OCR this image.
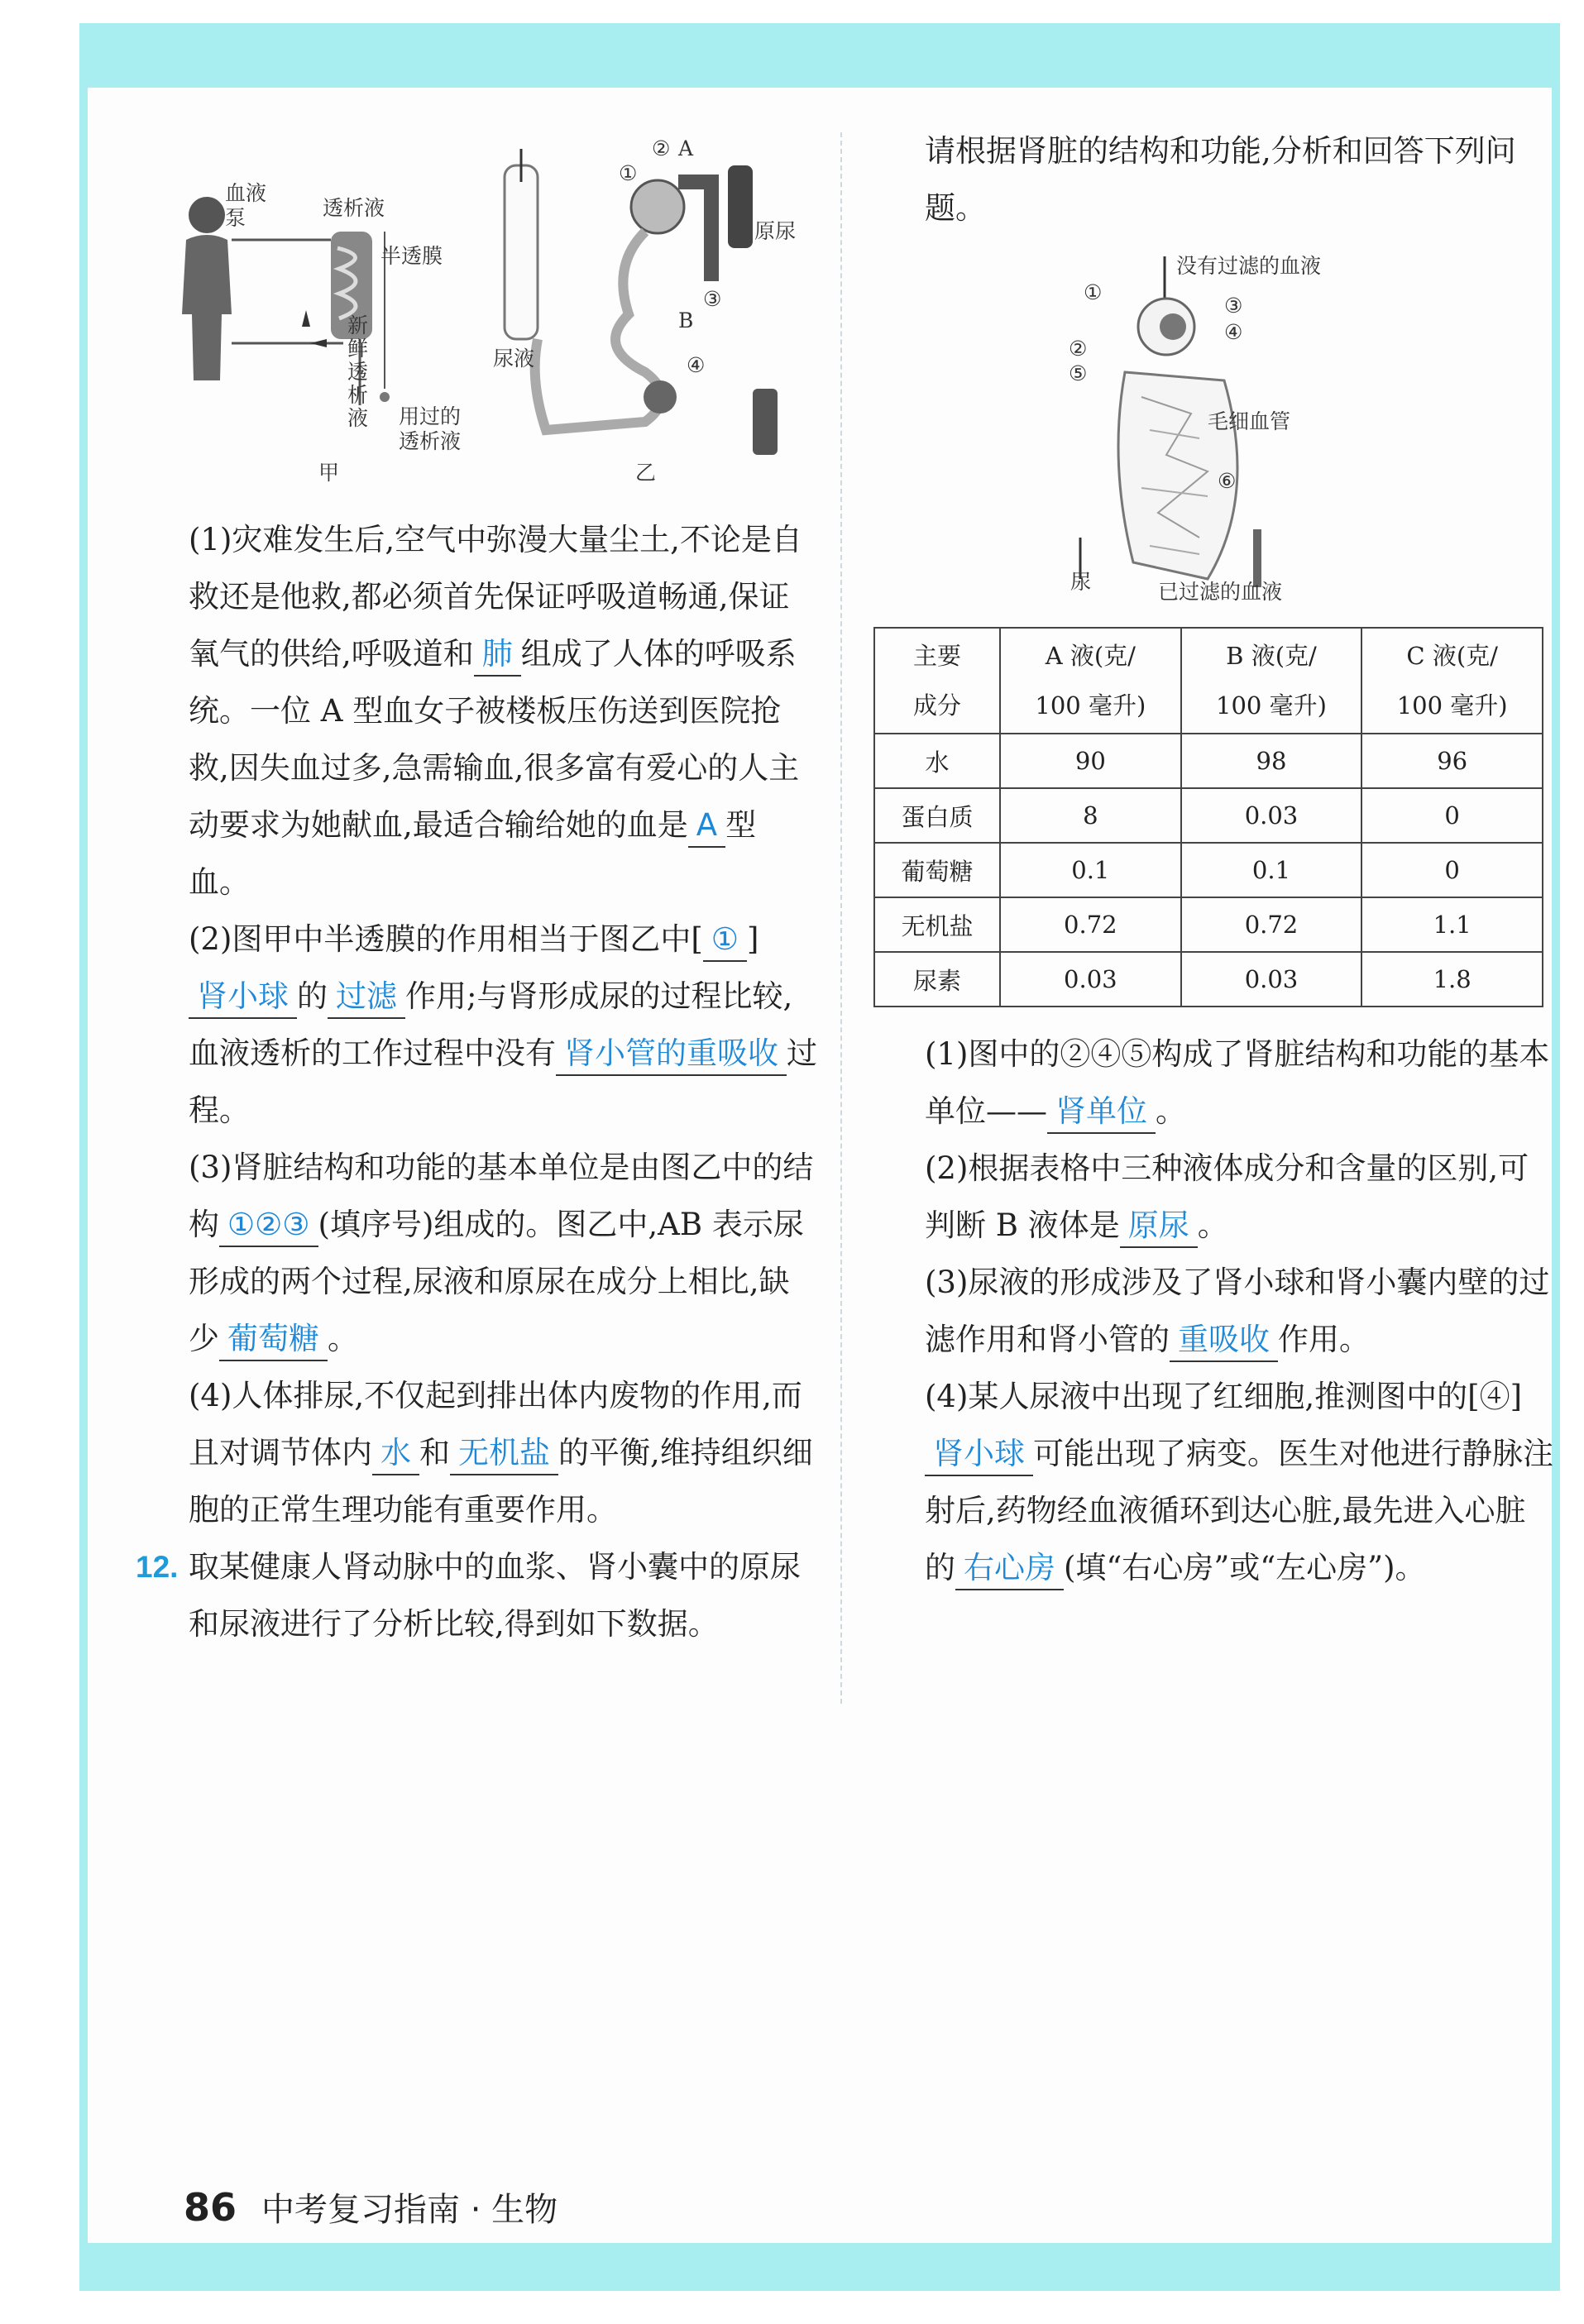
血液
泵	透析液
半透膜
新
鲜
透
析
液 用过的
透析液
甲
② A
①
原尿
③
B
④
尿液
乙

(1)灾难发生后,空气中弥漫大量尘土,不论是自救还是他救,都必须首先保证呼吸道畅通,保证氧气的供给,呼吸道和 肺 组成了人体的呼吸系统。一位 A 型血女子被楼板压伤送到医院抢救,因失血过多,急需输血,很多富有爱心的人主动要求为她献血,最适合输给她的血是 A 型血。

(2)图甲中半透膜的作用相当于图乙中[ ① ]肾小球 的 过滤 作用;与肾形成尿的过程比较,血液透析的工作过程中没有 肾小管的重吸收 过程。

(3)肾脏结构和功能的基本单位是由图乙中的结构 ①②③ (填序号)组成的。图乙中,AB 表示尿形成的两个过程,尿液和原尿在成分上相比,缺少 葡萄糖 。

(4)人体排尿,不仅起到排出体内废物的作用,而且对调节体内 水 和 无机盐 的平衡,维持组织细胞的正常生理功能有重要作用。

12. 取某健康人肾动脉中的血浆、肾小囊中的原尿和尿液进行了分析比较,得到如下数据。

请根据肾脏的结构和功能,分析和回答下列问题。

没有过滤的血液
①
③
④
②
⑤
毛细血管
⑥
尿	已过滤的血液
主要
成分	A 液(克/
100 毫升)	B 液(克/
100 毫升)	C 液(克/
100 毫升)
水	90	98	96
蛋白质	8	0.03	0
葡萄糖	0.1	0.1	0
无机盐	0.72	0.72	1.1
尿素	0.03	0.03	1.8

(1)图中的②④⑤构成了肾脏结构和功能的基本单位—— 肾单位 。

(2)根据表格中三种液体成分和含量的区别,可判断 B 液体是 原尿 。

(3)尿液的形成涉及了肾小球和肾小囊内壁的过滤作用和肾小管的 重吸收 作用。

(4)某人尿液中出现了红细胞,推测图中的[④]肾小球 可能出现了病变。医生对他进行静脉注射后,药物经血液循环到达心脏,最先进入心脏的 右心房 (填“右心房”或“左心房”)。

86 中考复习指南 · 生物
